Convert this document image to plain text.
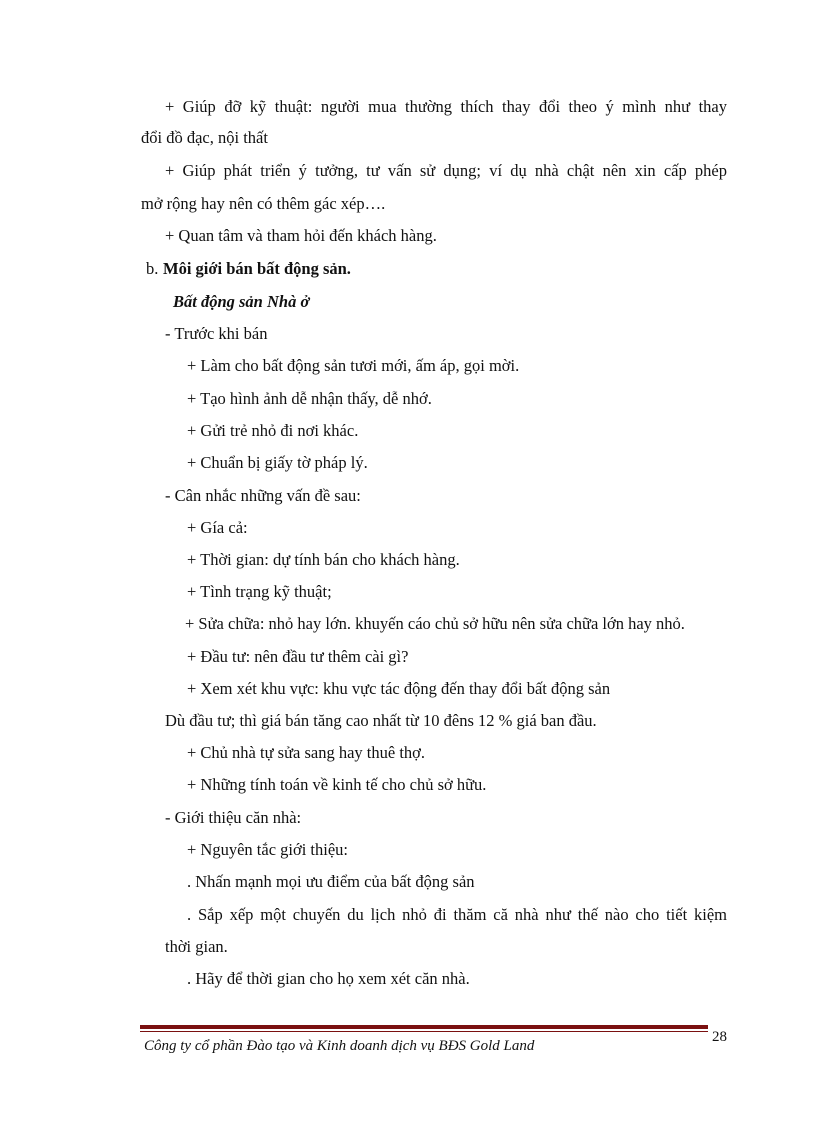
+ Giúp đỡ kỹ thuật: người mua thường thích thay đổi theo ý mình như thay
đổi đồ đạc, nội thất
+ Giúp phát triển ý tưởng, tư vấn sử dụng; ví dụ nhà chật nên xin cấp phép
mở rộng hay nên có thêm gác xép….
+ Quan tâm và tham hỏi đến khách hàng.
b. Môi giới bán bất động sản.
Bất động sản Nhà ở
- Trước khi bán
+ Làm cho bất động sản tươi mới, ấm áp, gọi mời.
+ Tạo hình ảnh dễ nhận thấy, dễ nhớ.
+ Gửi trẻ nhỏ đi nơi khác.
+ Chuẩn bị giấy tờ pháp lý.
- Cân nhắc những vấn đề sau:
+ Gía cả:
+ Thời gian: dự tính bán cho khách hàng.
+ Tình trạng kỹ thuật;
+ Sửa chữa: nhỏ hay lớn. khuyến cáo chủ sở hữu nên sửa chữa lớn hay nhỏ.
+ Đầu tư: nên đầu tư thêm cài gì?
+ Xem xét khu vực: khu vực tác động đến thay đổi bất động sản
Dù đầu tư; thì giá bán tăng cao nhất từ 10 đêns 12 % giá ban đầu.
+ Chủ nhà tự sửa sang hay thuê thợ.
+ Những tính toán về kinh tế cho chủ sở hữu.
- Giới thiệu căn nhà:
+ Nguyên tắc giới thiệu:
. Nhấn mạnh mọi ưu điểm của bất động sản
. Sắp xếp một chuyến du lịch nhỏ đi thăm că nhà như thế nào cho tiết kiệm
thời gian.
. Hãy để thời gian cho họ xem xét căn nhà.
28
Công ty cổ phần Đào tạo và Kinh doanh dịch vụ BĐS Gold Land
